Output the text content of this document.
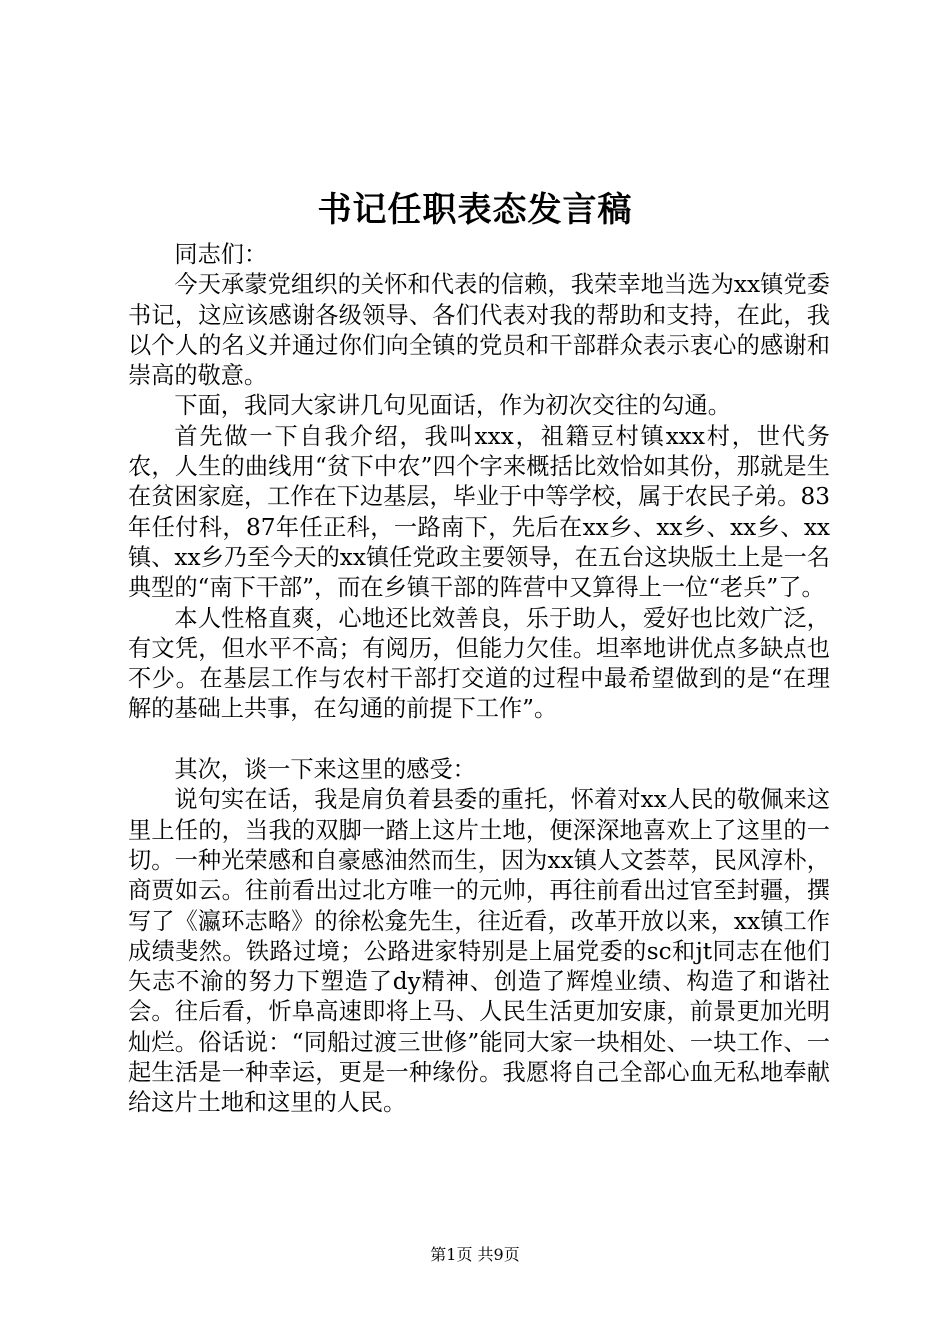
书记任职表态发言稿

同志们：

今天承蒙党组织的关怀和代表的信赖，我荣幸地当选为xx镇党委书记，这应该感谢各级领导、各们代表对我的帮助和支持，在此，我以个人的名义并通过你们向全镇的党员和干部群众表示衷心的感谢和崇高的敬意。

下面，我同大家讲几句见面话，作为初次交往的勾通。

首先做一下自我介绍，我叫xxx，祖籍豆村镇xxx村，世代务农，人生的曲线用“贫下中农”四个字来概括比效恰如其份，那就是生在贫困家庭，工作在下边基层，毕业于中等学校，属于农民子弟。83年任付科，87年任正科，一路南下，先后在xx乡、xx乡、xx乡、xx镇、xx乡乃至今天的xx镇任党政主要领导，在五台这块版土上是一名典型的“南下干部”，而在乡镇干部的阵营中又算得上一位“老兵”了。

本人性格直爽，心地还比效善良，乐于助人，爱好也比效广泛，有文凭，但水平不高；有阅历，但能力欠佳。坦率地讲优点多缺点也不少。在基层工作与农村干部打交道的过程中最希望做到的是“在理解的基础上共事，在勾通的前提下工作”。

其次，谈一下来这里的感受：

说句实在话，我是肩负着县委的重托，怀着对xx人民的敬佩来这里上任的，当我的双脚一踏上这片土地，便深深地喜欢上了这里的一切。一种光荣感和自豪感油然而生，因为xx镇人文荟萃，民风淳朴，商贾如云。往前看出过北方唯一的元帅，再往前看出过官至封疆，撰写了《瀛环志略》的徐松龛先生，往近看，改革开放以来，xx镇工作成绩斐然。铁路过境；公路进家特别是上届党委的sc和jt同志在他们矢志不渝的努力下塑造了dy精神、创造了辉煌业绩、构造了和谐社会。往后看，忻阜高速即将上马、人民生活更加安康，前景更加光明灿烂。俗话说：“同船过渡三世修”能同大家一块相处、一块工作、一起生活是一种幸运，更是一种缘份。我愿将自己全部心血无私地奉献给这片土地和这里的人民。

第1页 共9页
